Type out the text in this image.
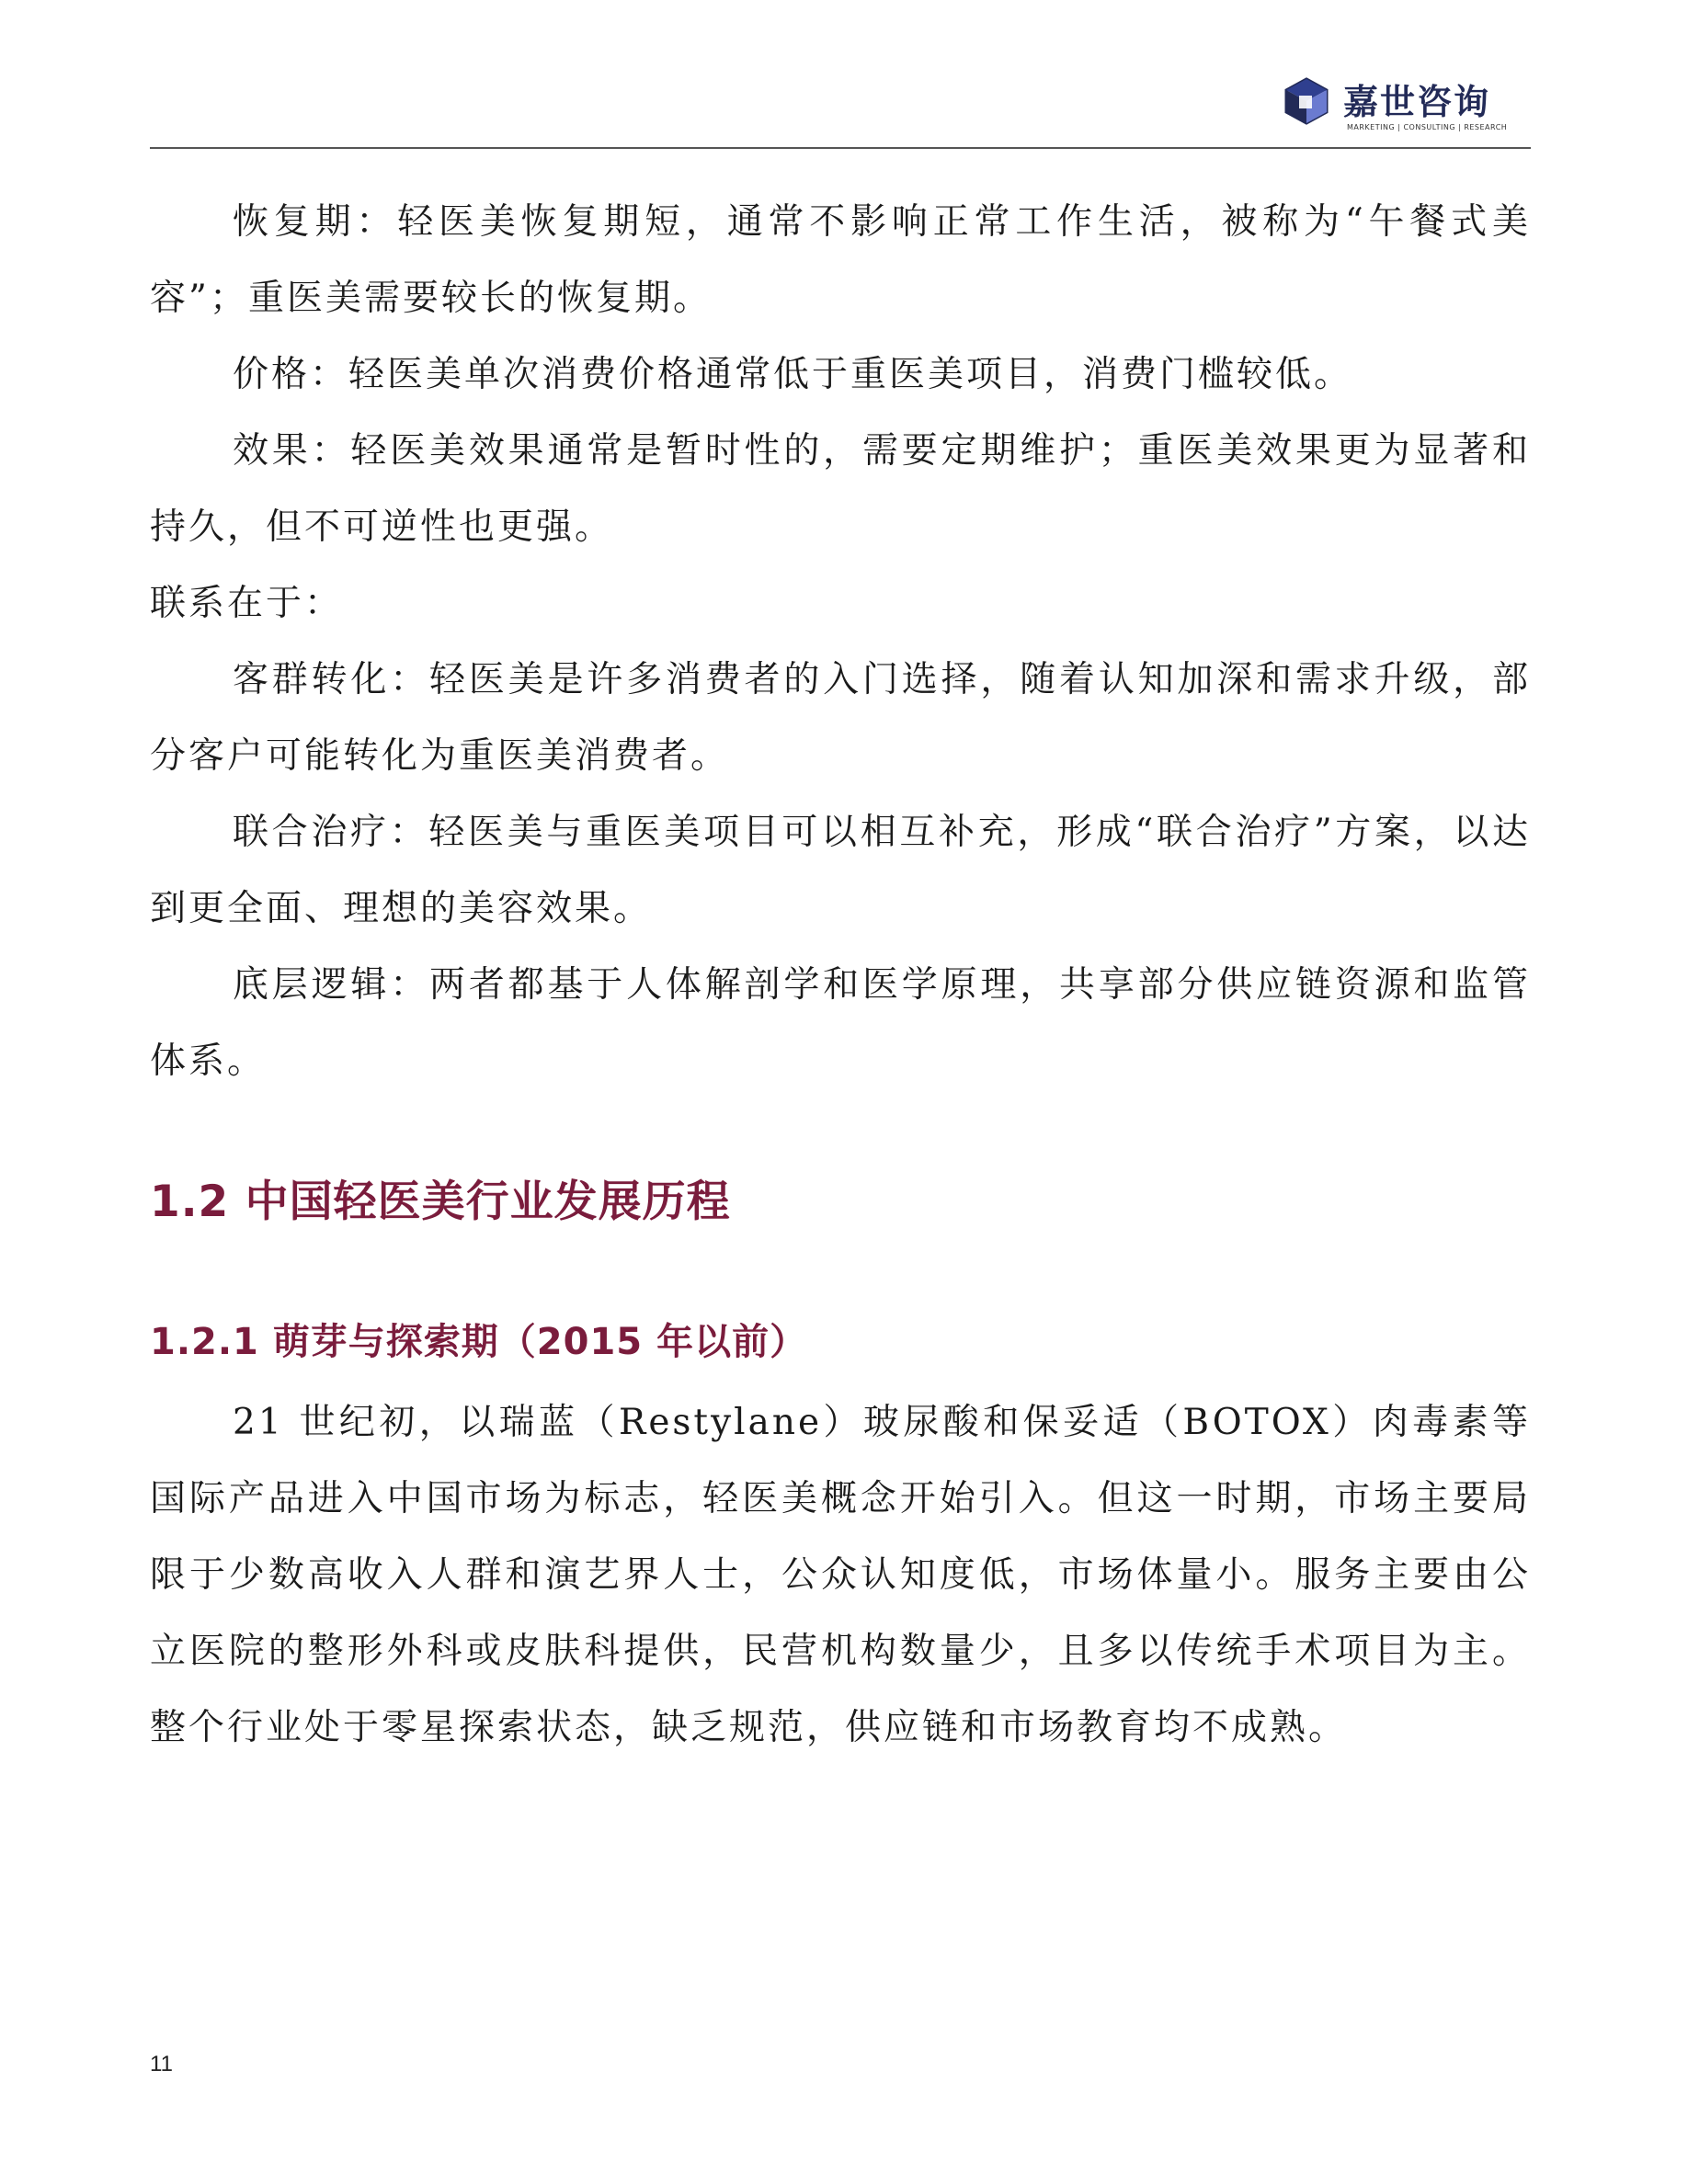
嘉世咨询
MARKETING | CONSULTING | RESEARCH

恢复期：轻医美恢复期短，通常不影响正常工作生活，被称为“午餐式美容”；重医美需要较长的恢复期。

价格：轻医美单次消费价格通常低于重医美项目，消费门槛较低。

效果：轻医美效果通常是暂时性的，需要定期维护；重医美效果更为显著和持久，但不可逆性也更强。

联系在于：

客群转化：轻医美是许多消费者的入门选择，随着认知加深和需求升级，部分客户可能转化为重医美消费者。

联合治疗：轻医美与重医美项目可以相互补充，形成“联合治疗”方案，以达到更全面、理想的美容效果。

底层逻辑：两者都基于人体解剖学和医学原理，共享部分供应链资源和监管体系。

1.2 中国轻医美行业发展历程
1.2.1 萌芽与探索期（2015 年以前）

21 世纪初，以瑞蓝（Restylane）玻尿酸和保妥适（BOTOX）肉毒素等国际产品进入中国市场为标志，轻医美概念开始引入。但这一时期，市场主要局限于少数高收入人群和演艺界人士，公众认知度低，市场体量小。服务主要由公立医院的整形外科或皮肤科提供，民营机构数量少，且多以传统手术项目为主。整个行业处于零星探索状态，缺乏规范，供应链和市场教育均不成熟。

11
